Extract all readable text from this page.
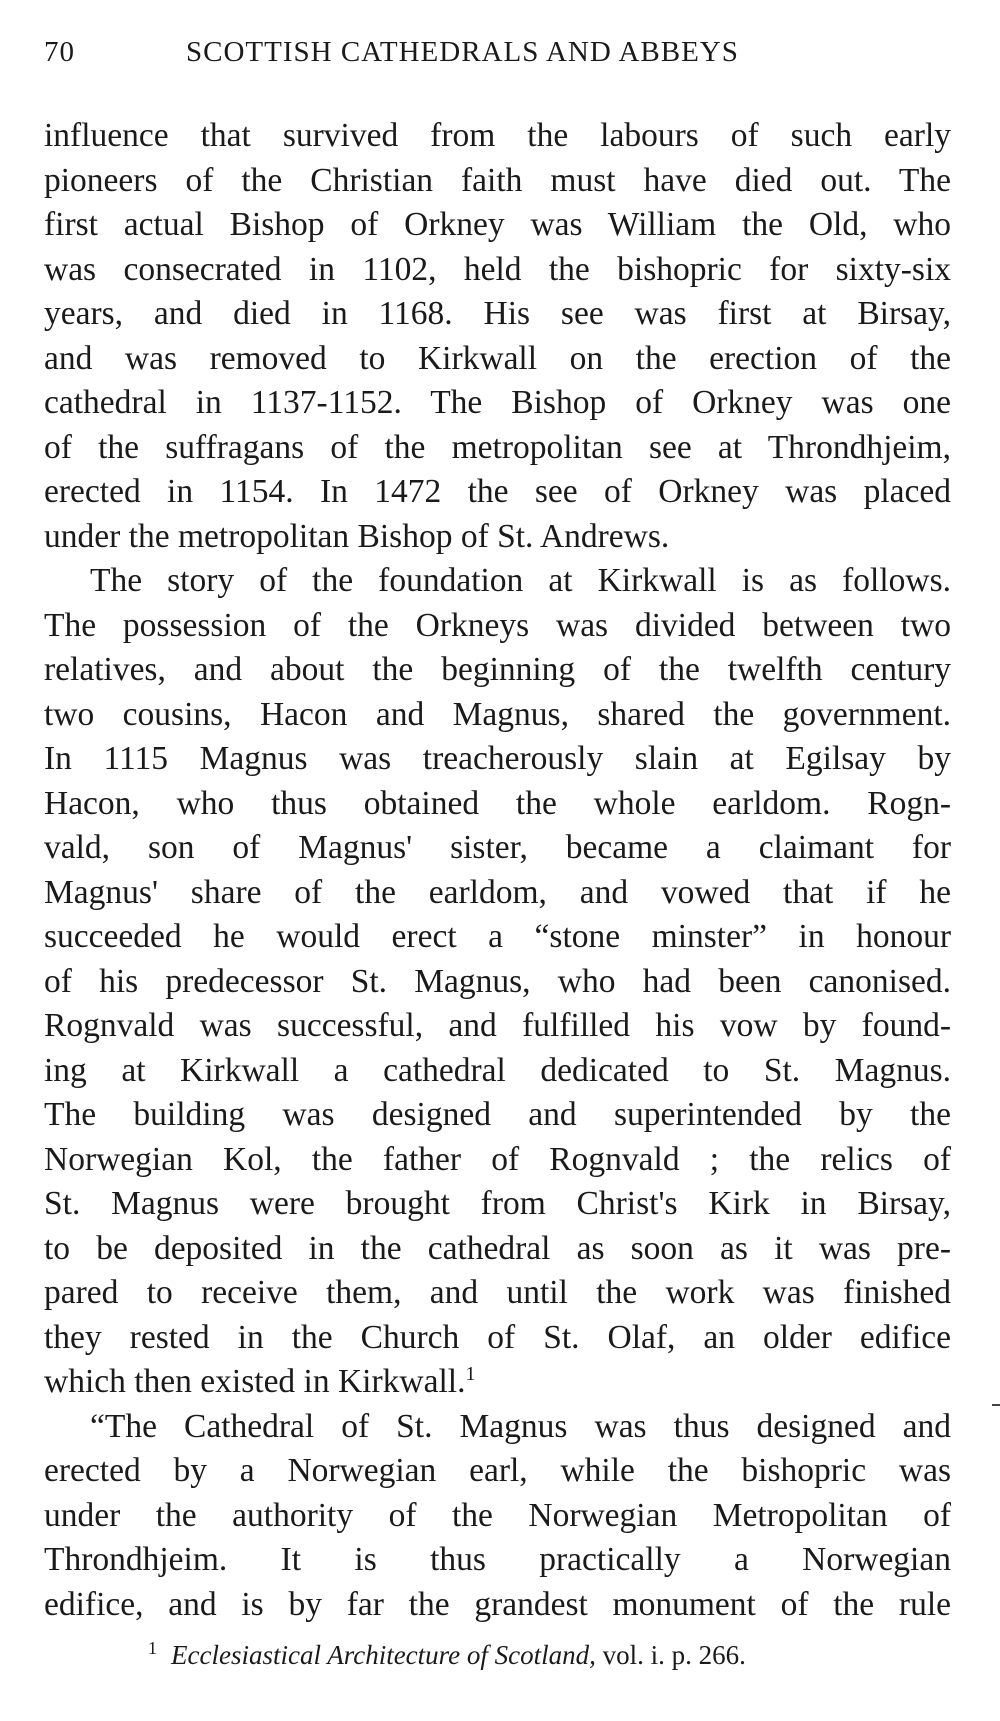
70	SCOTTISH CATHEDRALS AND ABBEYS

influence that survived from the labours of such early
pioneers of the Christian faith must have died out. The
first actual Bishop of Orkney was William the Old, who
was consecrated in 1102, held the bishopric for sixty-six
years, and died in 1168. His see was first at Birsay,
and was removed to Kirkwall on the erection of the
cathedral in 1137-1152. The Bishop of Orkney was one
of the suffragans of the metropolitan see at Throndhjeim,
erected in 1154. In 1472 the see of Orkney was placed
under the metropolitan Bishop of St. Andrews.

The story of the foundation at Kirkwall is as follows.
The possession of the Orkneys was divided between two
relatives, and about the beginning of the twelfth century
two cousins, Hacon and Magnus, shared the government.
In 1115 Magnus was treacherously slain at Egilsay by
Hacon, who thus obtained the whole earldom. Rogn-
vald, son of Magnus' sister, became a claimant for
Magnus' share of the earldom, and vowed that if he
succeeded he would erect a “stone minster” in honour
of his predecessor St. Magnus, who had been canonised.
Rognvald was successful, and fulfilled his vow by found-
ing at Kirkwall a cathedral dedicated to St. Magnus.
The building was designed and superintended by the
Norwegian Kol, the father of Rognvald ; the relics of
St. Magnus were brought from Christ's Kirk in Birsay,
to be deposited in the cathedral as soon as it was pre-
pared to receive them, and until the work was finished
they rested in the Church of St. Olaf, an older edifice
which then existed in Kirkwall.$^1$

“The Cathedral of St. Magnus was thus designed and
erected by a Norwegian earl, while the bishopric was
under the authority of the Norwegian Metropolitan of
Throndhjeim. It is thus practically a Norwegian
edifice, and is by far the grandest monument of the rule

$^1$ Ecclesiastical Architecture of Scotland, vol. i. p. 266.
